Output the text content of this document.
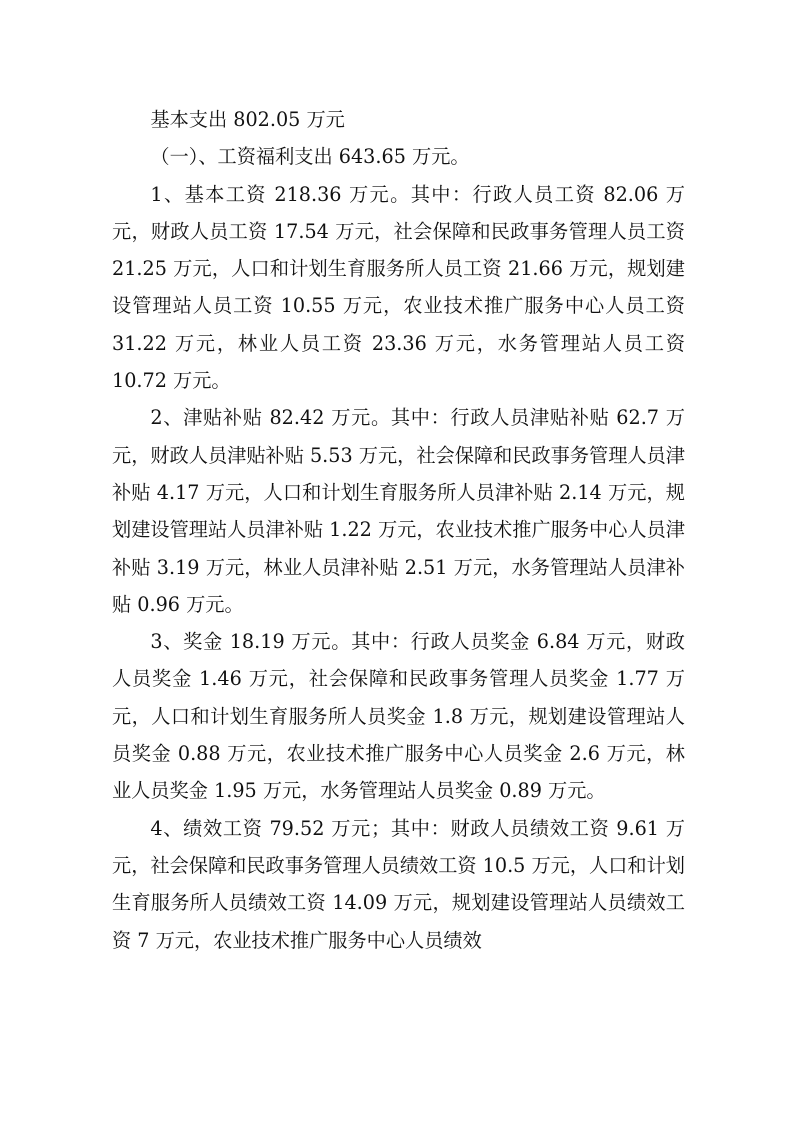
基本支出 802.05 万元

（一）、工资福利支出 643.65 万元。

1、基本工资 218.36 万元。其中：行政人员工资 82.06 万元，财政人员工资 17.54 万元，社会保障和民政事务管理人员工资 21.25 万元，人口和计划生育服务所人员工资 21.66 万元，规划建设管理站人员工资 10.55 万元，农业技术推广服务中心人员工资 31.22 万元，林业人员工资 23.36 万元，水务管理站人员工资 10.72 万元。

2、津贴补贴 82.42 万元。其中：行政人员津贴补贴 62.7 万元，财政人员津贴补贴 5.53 万元，社会保障和民政事务管理人员津补贴 4.17 万元，人口和计划生育服务所人员津补贴 2.14 万元，规划建设管理站人员津补贴 1.22 万元，农业技术推广服务中心人员津补贴 3.19 万元，林业人员津补贴 2.51 万元，水务管理站人员津补贴 0.96 万元。

3、奖金 18.19 万元。其中：行政人员奖金 6.84 万元，财政人员奖金 1.46 万元，社会保障和民政事务管理人员奖金 1.77 万元，人口和计划生育服务所人员奖金 1.8 万元，规划建设管理站人员奖金 0.88 万元，农业技术推广服务中心人员奖金 2.6 万元，林业人员奖金 1.95 万元，水务管理站人员奖金 0.89 万元。

4、绩效工资 79.52 万元；其中：财政人员绩效工资 9.61 万元，社会保障和民政事务管理人员绩效工资 10.5 万元，人口和计划生育服务所人员绩效工资 14.09 万元，规划建设管理站人员绩效工资 7 万元，农业技术推广服务中心人员绩效
